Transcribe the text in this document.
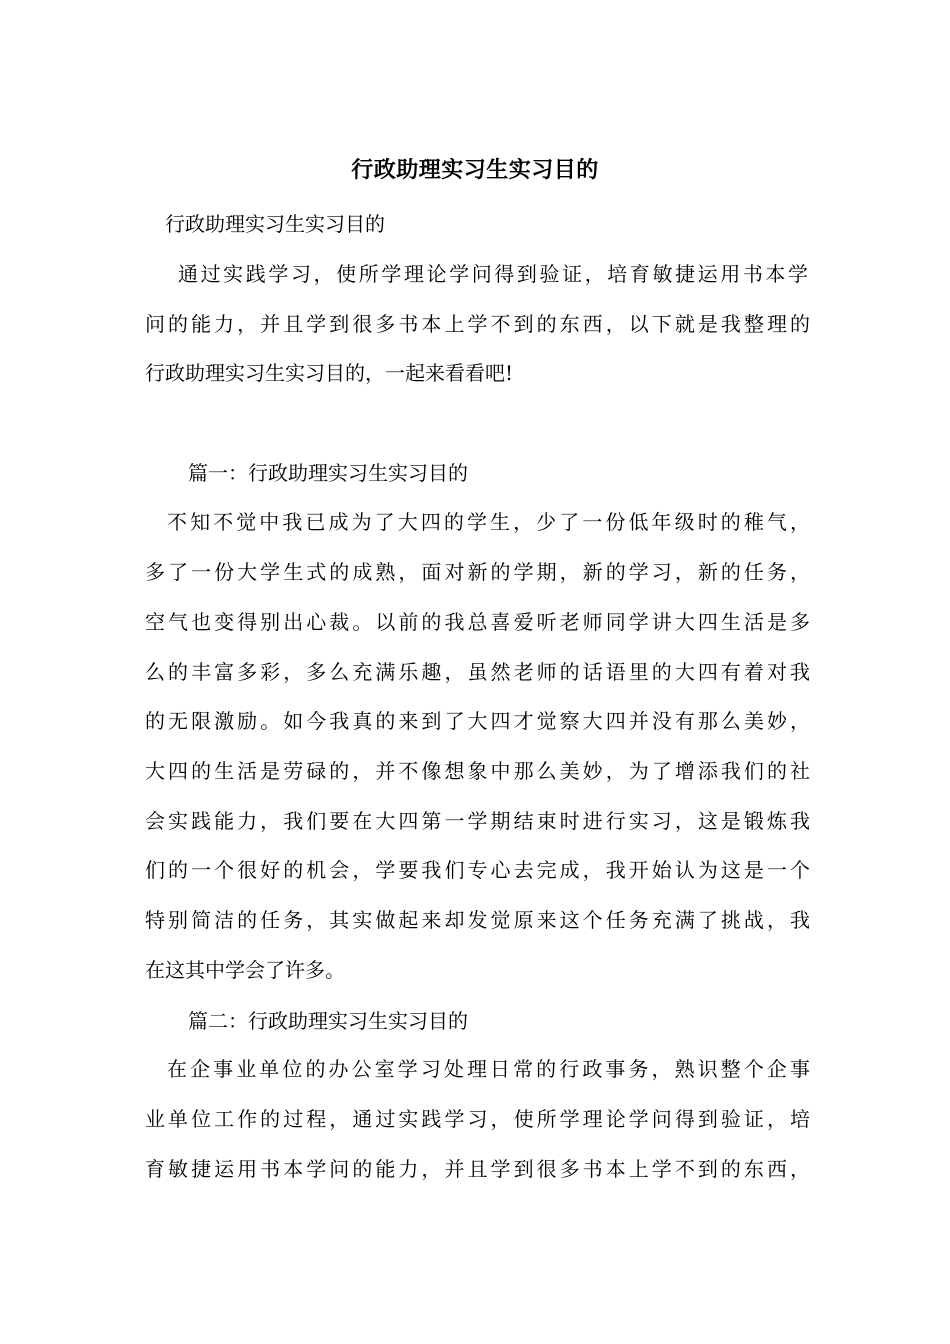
行政助理实习生实习目的
行政助理实习生实习目的
通过实践学习，使所学理论学问得到验证，培育敏捷运用书本学
问的能力，并且学到很多书本上学不到的东西，以下就是我整理的
行政助理实习生实习目的，一起来看看吧!
篇一：行政助理实习生实习目的
不知不觉中我已成为了大四的学生，少了一份低年级时的稚气，
多了一份大学生式的成熟，面对新的学期，新的学习，新的任务，
空气也变得别出心裁。以前的我总喜爱听老师同学讲大四生活是多
么的丰富多彩，多么充满乐趣，虽然老师的话语里的大四有着对我
的无限激励。如今我真的来到了大四才觉察大四并没有那么美妙，
大四的生活是劳碌的，并不像想象中那么美妙，为了增添我们的社
会实践能力，我们要在大四第一学期结束时进行实习，这是锻炼我
们的一个很好的机会，学要我们专心去完成，我开始认为这是一个
特别简洁的任务，其实做起来却发觉原来这个任务充满了挑战，我
在这其中学会了许多。
篇二：行政助理实习生实习目的
在企事业单位的办公室学习处理日常的行政事务，熟识整个企事
业单位工作的过程，通过实践学习，使所学理论学问得到验证，培
育敏捷运用书本学问的能力，并且学到很多书本上学不到的东西，
